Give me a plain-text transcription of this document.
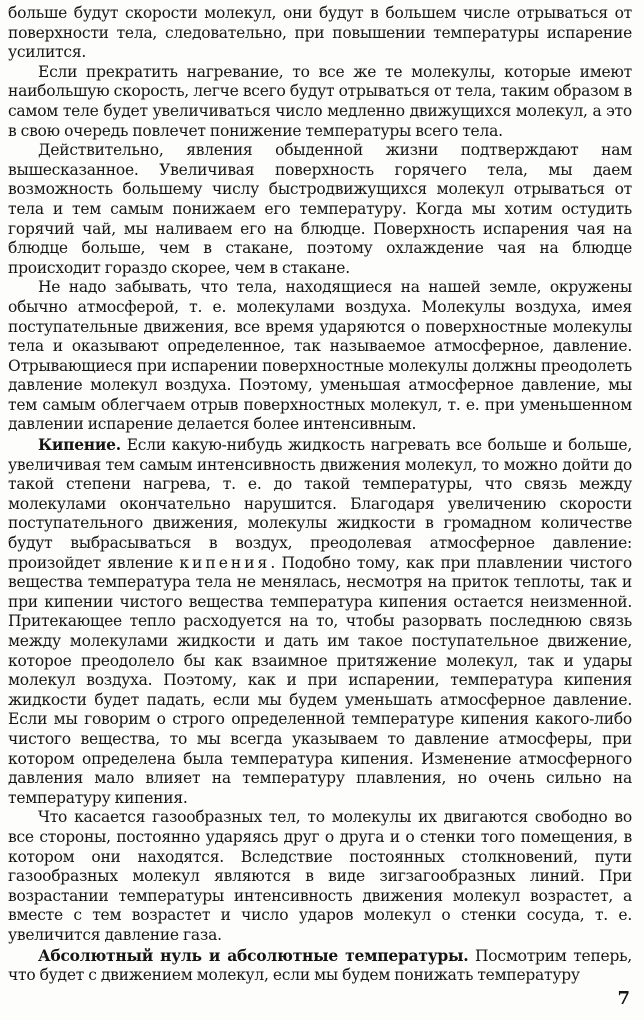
больше будут скорости молекул, они будут в большем числе отрываться от поверхности тела, следовательно, при повышении температуры испарение усилится.

Если прекратить нагревание, то все же те молекулы, которые имеют наибольшую скорость, легче всего будут отрываться от тела, таким образом в самом теле будет увеличиваться число медленно движущихся молекул, а это в свою очередь повлечет понижение температуры всего тела.

Действительно, явления обыденной жизни подтверждают нам вышесказанное. Увеличивая поверхность горячего тела, мы даем возможность большему числу быстродвижущихся молекул отрываться от тела и тем самым понижаем его температуру. Когда мы хотим остудить горячий чай, мы наливаем его на блюдце. Поверхность испарения чая на блюдце больше, чем в стакане, поэтому охлаждение чая на блюдце происходит гораздо скорее, чем в стакане.

Не надо забывать, что тела, находящиеся на нашей земле, окружены обычно атмосферой, т. е. молекулами воздуха. Молекулы воздуха, имея поступательные движения, все время ударяются о поверхностные молекулы тела и оказывают определенное, так называемое атмосферное, давление. Отрывающиеся при испарении поверхностные молекулы должны преодолеть давление молекул воздуха. Поэтому, уменьшая атмосферное давление, мы тем самым облегчаем отрыв поверхностных молекул, т. е. при уменьшенном давлении испарение делается более интенсивным.

Кипение. Если какую-нибудь жидкость нагревать все больше и больше, увеличивая тем самым интенсивность движения молекул, то можно дойти до такой степени нагрева, т. е. до такой температуры, что связь между молекулами окончательно нарушится. Благодаря увеличению скорости поступательного движения, молекулы жидкости в громадном количестве будут выбрасываться в воздух, преодолевая атмосферное давление: произойдет явление кипения. Подобно тому, как при плавлении чистого вещества температура тела не менялась, несмотря на приток теплоты, так и при кипении чистого вещества температура кипения остается неизменной. Притекающее тепло расходуется на то, чтобы разорвать последнюю связь между молекулами жидкости и дать им такое поступательное движение, которое преодолело бы как взаимное притяжение молекул, так и удары молекул воздуха. Поэтому, как и при испарении, температура кипения жидкости будет падать, если мы будем уменьшать атмосферное давление. Если мы говорим о строго определенной температуре кипения какого-либо чистого вещества, то мы всегда указываем то давление атмосферы, при котором определена была температура кипения. Изменение атмосферного давления мало влияет на температуру плавления, но очень сильно на температуру кипения.

Что касается газообразных тел, то молекулы их двигаются свободно во все стороны, постоянно ударяясь друг о друга и о стенки того помещения, в котором они находятся. Вследствие постоянных столкновений, пути газообразных молекул являются в виде зигзагообразных линий. При возрастании температуры интенсивность движения молекул возрастет, а вместе с тем возрастет и число ударов молекул о стенки сосуда, т. е. увеличится давление газа.

Абсолютный нуль и абсолютные температуры. Посмотрим теперь, что будет с движением молекул, если мы будем понижать температуру

7
